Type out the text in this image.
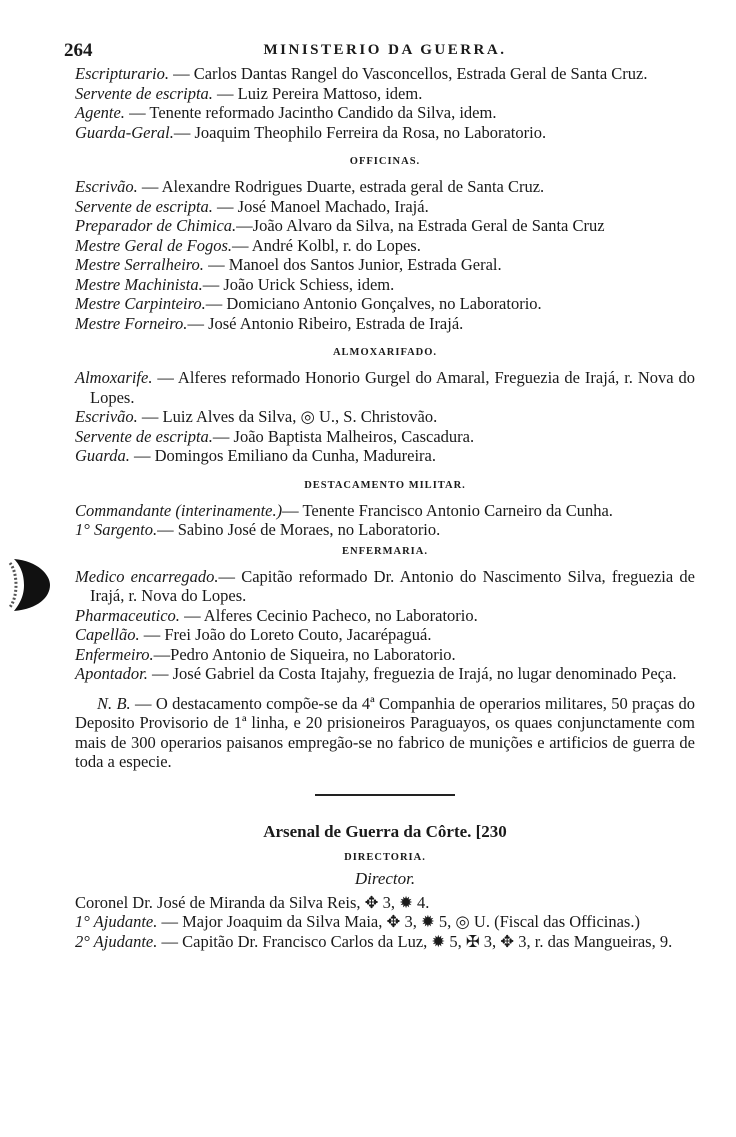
264	MINISTERIO DA GUERRA.
Escripturario. — Carlos Dantas Rangel do Vasconcellos, Estrada Geral de Santa Cruz.
Servente de escripta. — Luiz Pereira Mattoso, idem.
Agente. — Tenente reformado Jacintho Candido da Silva, idem.
Guarda-Geral.— Joaquim Theophilo Ferreira da Rosa, no Laboratorio.
OFFICINAS.
Escrivão. — Alexandre Rodrigues Duarte, estrada geral de Santa Cruz.
Servente de escripta. — José Manoel Machado, Irajá.
Preparador de Chimica.—João Alvaro da Silva, na Estrada Geral de Santa Cruz
Mestre Geral de Fogos.— André Kolbl, r. do Lopes.
Mestre Serralheiro. — Manoel dos Santos Junior, Estrada Geral.
Mestre Machinista.— João Urick Schiess, idem.
Mestre Carpinteiro.— Domiciano Antonio Gonçalves, no Laboratorio.
Mestre Forneiro.— José Antonio Ribeiro, Estrada de Irajá.
ALMOXARIFADO.
Almoxarife. — Alferes reformado Honorio Gurgel do Amaral, Freguezia de Irajá, r. Nova do Lopes.
Escrivão. — Luiz Alves da Silva, ◎ U., S. Christovão.
Servente de escripta.— João Baptista Malheiros, Cascadura.
Guarda. — Domingos Emiliano da Cunha, Madureira.
DESTACAMENTO MILITAR.
Commandante (interinamente.)— Tenente Francisco Antonio Carneiro da Cunha.
1° Sargento.— Sabino José de Moraes, no Laboratorio.
ENFERMARIA.
Medico encarregado.— Capitão reformado Dr. Antonio do Nascimento Silva, freguezia de Irajá, r. Nova do Lopes.
Pharmaceutico. — Alferes Cecinio Pacheco, no Laboratorio.
Capellão. — Frei João do Loreto Couto, Jacarépaguá.
Enfermeiro.—Pedro Antonio de Siqueira, no Laboratorio.
Apontador. — José Gabriel da Costa Itajahy, freguezia de Irajá, no lugar denominado Peça.
N. B. — O destacamento compõe-se da 4ª Companhia de operarios militares, 50 praças do Deposito Provisorio de 1ª linha, e 20 prisioneiros Paraguayos, os quaes conjunctamente com mais de 300 operarios paisanos empregão-se no fabrico de munições e artificios de guerra de toda a especie.
Arsenal de Guerra da Côrte. [230
DIRECTORIA.
Director.
Coronel Dr. José de Miranda da Silva Reis, ✥ 3, ✹ 4.
1° Ajudante. — Major Joaquim da Silva Maia, ✥ 3, ✹ 5, ◎ U. (Fiscal das Officinas.)
2° Ajudante. — Capitão Dr. Francisco Carlos da Luz, ✹ 5, ✠ 3, ✥ 3, r. das Mangueiras, 9.
